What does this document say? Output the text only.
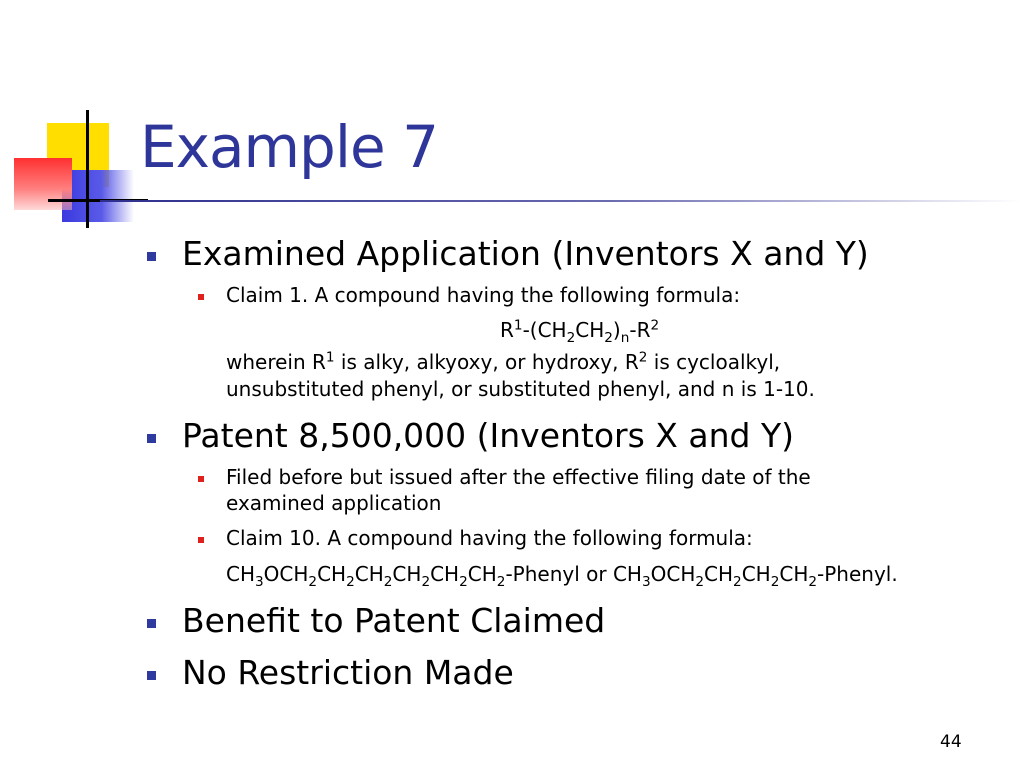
Example 7
Examined Application (Inventors X and Y)
Claim 1. A compound having the following formula:
$R^1-(CH_2CH_2)_n-R^2$
wherein $R^1$ is alky, alkyoxy, or hydroxy, $R^2$ is cycloalkyl,
unsubstituted phenyl, or substituted phenyl, and n is 1-10.
Patent 8,500,000 (Inventors X and Y)
Filed before but issued after the effective filing date of the
examined application
Claim 10. A compound having the following formula:
$CH_3OCH_2CH_2CH_2CH_2CH_2CH_2$-Phenyl or $CH_3OCH_2CH_2CH_2CH_2$-Phenyl.
Benefit to Patent Claimed
No Restriction Made
44
